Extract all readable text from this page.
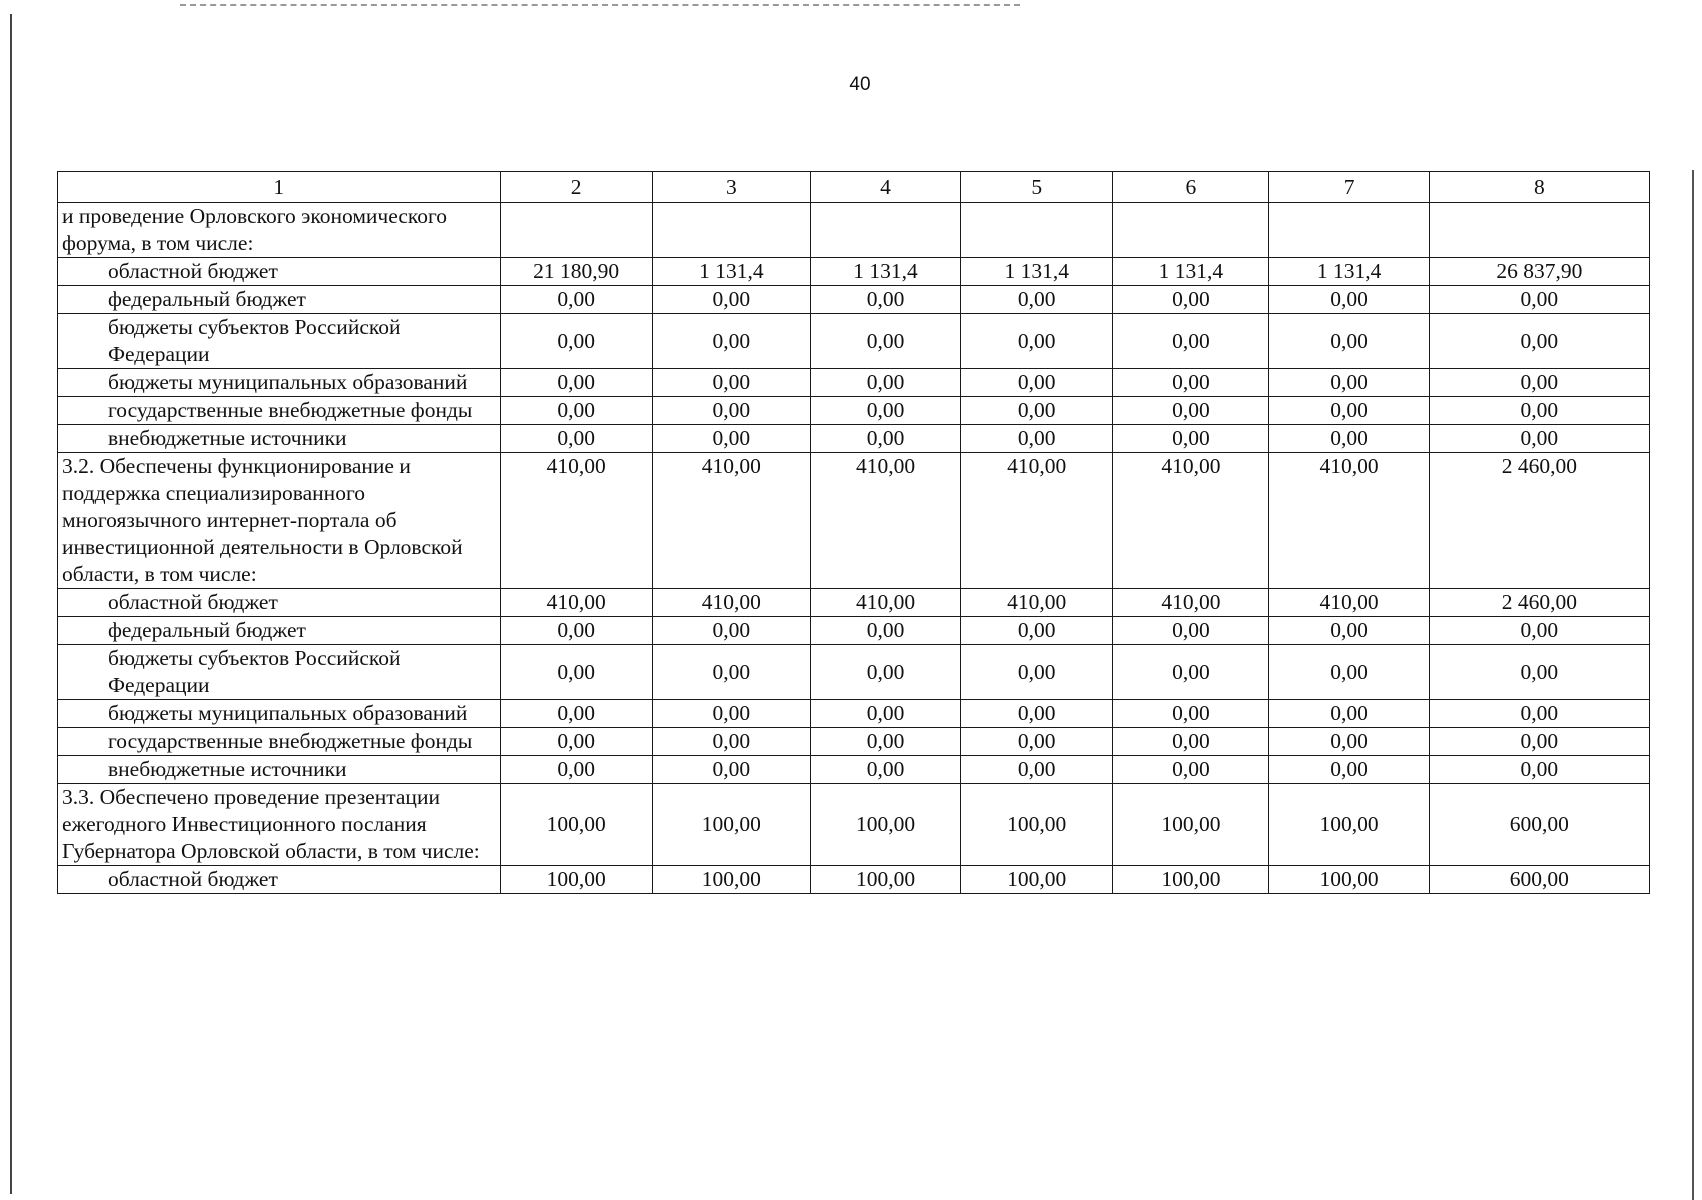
40
1	2	3	4	5	6	7	8
и проведение Орловского экономического форума, в том числе:							
областной бюджет	21 180,90	1 131,4	1 131,4	1 131,4	1 131,4	1 131,4	26 837,90
федеральный бюджет	0,00	0,00	0,00	0,00	0,00	0,00	0,00
бюджеты субъектов Российской Федерации	0,00	0,00	0,00	0,00	0,00	0,00	0,00
бюджеты муниципальных образований	0,00	0,00	0,00	0,00	0,00	0,00	0,00
государственные внебюджетные фонды	0,00	0,00	0,00	0,00	0,00	0,00	0,00
внебюджетные источники	0,00	0,00	0,00	0,00	0,00	0,00	0,00
3.2. Обеспечены функционирование и поддержка специализированного многоязычного интернет-портала об инвестиционной деятельности в Орловской области, в том числе:	410,00	410,00	410,00	410,00	410,00	410,00	2 460,00
областной бюджет	410,00	410,00	410,00	410,00	410,00	410,00	2 460,00
федеральный бюджет	0,00	0,00	0,00	0,00	0,00	0,00	0,00
бюджеты субъектов Российской Федерации	0,00	0,00	0,00	0,00	0,00	0,00	0,00
бюджеты муниципальных образований	0,00	0,00	0,00	0,00	0,00	0,00	0,00
государственные внебюджетные фонды	0,00	0,00	0,00	0,00	0,00	0,00	0,00
внебюджетные источники	0,00	0,00	0,00	0,00	0,00	0,00	0,00
3.3. Обеспечено проведение презентации ежегодного Инвестиционного послания Губернатора Орловской области, в том числе:	100,00	100,00	100,00	100,00	100,00	100,00	600,00
областной бюджет	100,00	100,00	100,00	100,00	100,00	100,00	600,00
